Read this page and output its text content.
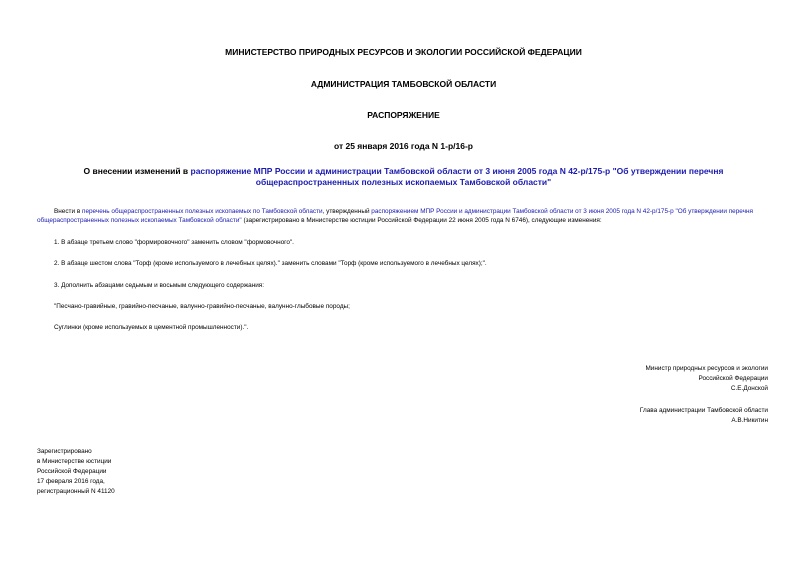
МИНИСТЕРСТВО ПРИРОДНЫХ РЕСУРСОВ И ЭКОЛОГИИ РОССИЙСКОЙ ФЕДЕРАЦИИ
АДМИНИСТРАЦИЯ ТАМБОВСКОЙ ОБЛАСТИ
РАСПОРЯЖЕНИЕ
от 25 января 2016 года N 1-р/16-р
О внесении изменений в распоряжение МПР России и администрации Тамбовской области от 3 июня 2005 года N 42-р/175-р "Об утверждении перечня общераспространенных полезных ископаемых Тамбовской области"
Внести в перечень общераспространенных полезных ископаемых по Тамбовской области, утвержденный распоряжением МПР России и администрации Тамбовской области от 3 июня 2005 года N 42-р/175-р "Об утверждении перечня общераспространенных полезных ископаемых Тамбовской области" (зарегистрировано в Министерстве юстиции Российской Федерации 22 июня 2005 года N 6746), следующие изменения:
1. В абзаце третьем слово "формировочного" заменить словом "формовочного".
2. В абзаце шестом слова "Торф (кроме используемого в лечебных целях)." заменить словами "Торф (кроме используемого в лечебных целях);".
3. Дополнить абзацами седьмым и восьмым следующего содержания:
"Песчано-гравийные, гравийно-песчаные, валунно-гравийно-песчаные, валунно-глыбовые породы;
Суглинки (кроме используемых в цементной промышленности).".
Министр природных ресурсов и экологии
Российской Федерации
С.Е.Донской
Глава администрации Тамбовской области
А.В.Никитин
Зарегистрировано
в Министерстве юстиции
Российской Федерации
17 февраля 2016 года,
регистрационный N 41120
